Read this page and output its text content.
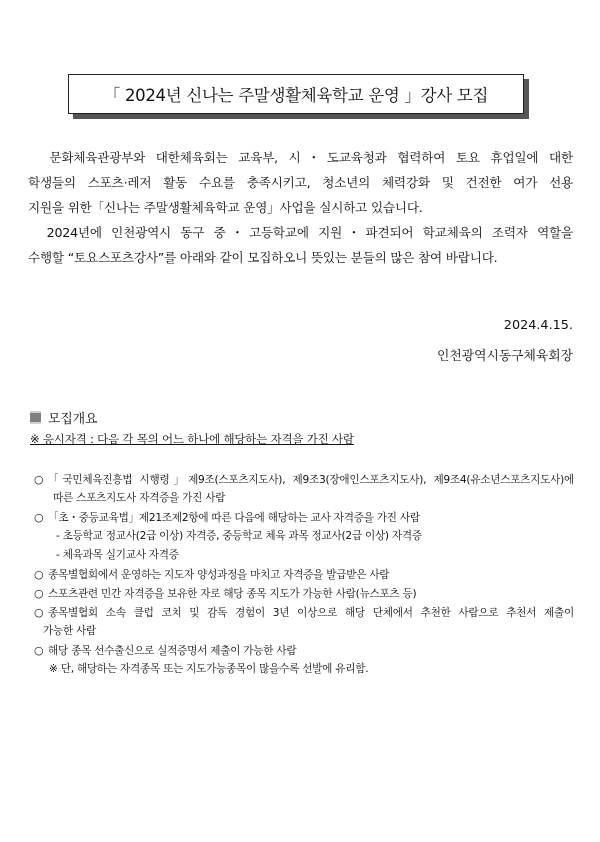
「 2024년 신나는 주말생활체육학교 운영 」강사 모집

문화체육관광부와 대한체육회는 교육부, 시・도교육청과 협력하여 토요 휴업일에 대한

학생들의 스포츠·레저 활동 수요를 충족시키고, 청소년의 체력강화 및 건전한 여가 선용

지원을 위한「신나는 주말생활체육학교 운영」사업을 실시하고 있습니다.

2024년에 인천광역시 동구 중・고등학교에 지원・파견되어 학교체육의 조력자 역할을

수행할 “토요스포츠강사”를 아래와 같이 모집하오니 뜻있는 분들의 많은 참여 바랍니다.

2024.4.15.
인천광역시동구체육회장
모집개요
※ 응시자격 : 다음 각 목의 어느 하나에 해당하는 자격을 가진 사람
○ 「국민체육진흥법 시행령」제9조(스포츠지도사), 제9조3(장애인스포츠지도사), 제9조4(유소년스포츠지도사)에
따른 스포츠지도사 자격증을 가진 사람
○ 「초・중등교육법」제21조제2항에 따른 다음에 해당하는 교사 자격증을 가진 사람
- 초등학교 정교사(2급 이상) 자격증, 중등학교 체육 과목 정교사(2급 이상) 자격증
- 체육과목 실기교사 자격증
○ 종목별협회에서 운영하는 지도자 양성과정을 마치고 자격증을 발급받은 사람
○ 스포츠관련 민간 자격증을 보유한 자로 해당 종목 지도가 가능한 사람(뉴스포츠 등)
○ 종목별협회 소속 클럽 코치 및 감독 경험이 3년 이상으로 해당 단체에서 추천한 사람으로 추천서 제출이
가능한 사람
○ 해당 종목 선수출신으로 실적증명서 제출이 가능한 사람
※ 단, 해당하는 자격종목 또는 지도가능종목이 많을수록 선발에 유리함.
